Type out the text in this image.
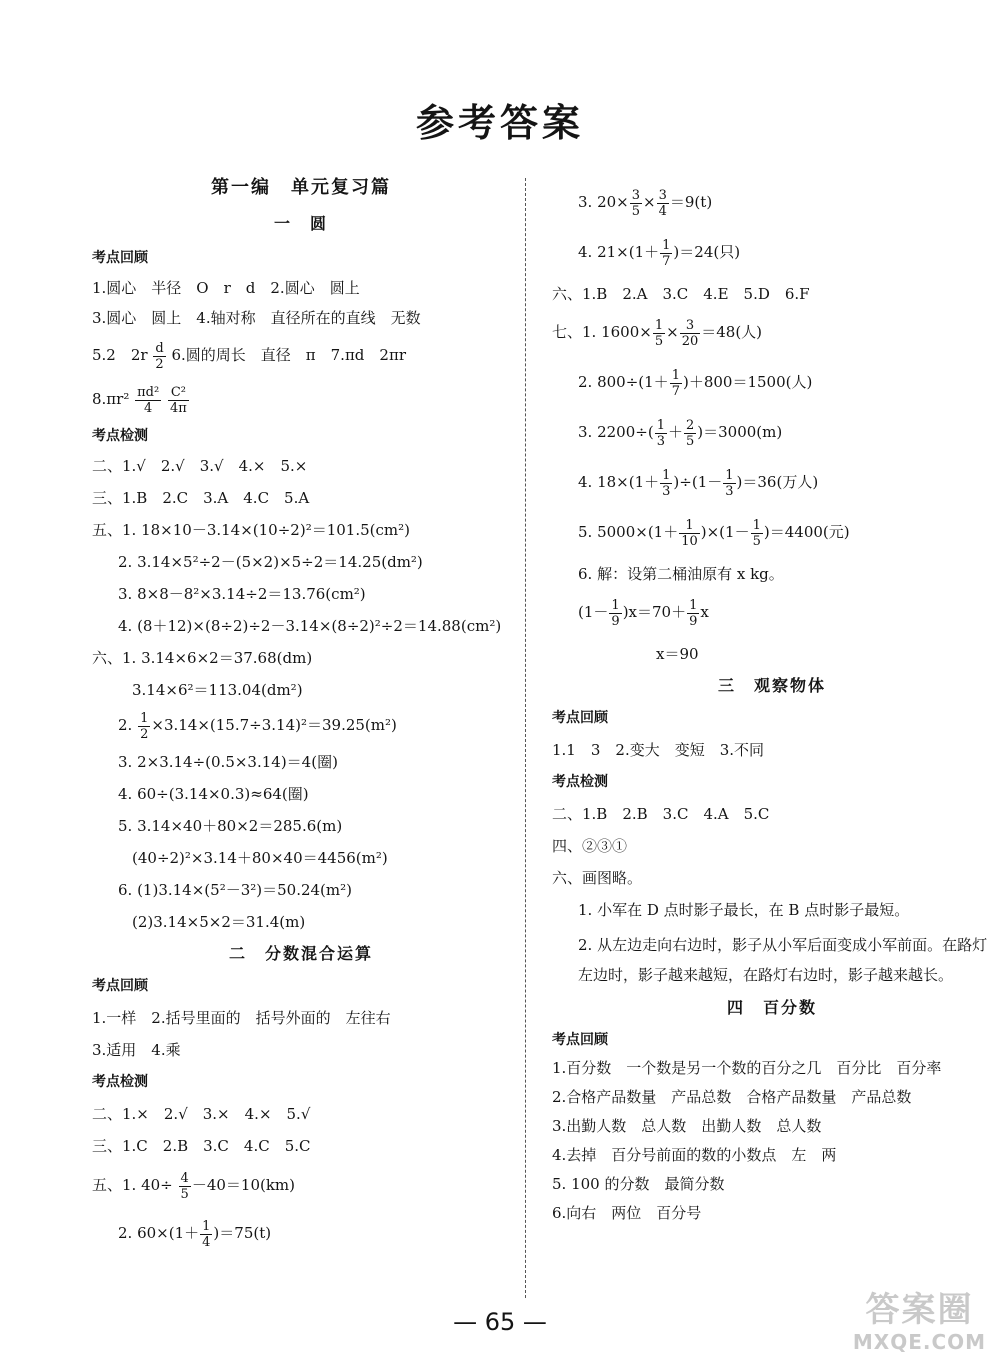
参考答案
第一编　单元复习篇
一　圆
考点回顾
1.圆心　半径　O　r　d　2.圆心　圆上
3.圆心　圆上　4.轴对称　直径所在的直线　无数
5.2　$2r \frac{d}{2} 6$.圆的周长　直径　π　7.πd　2πr
$8.\pi r^2 \frac{\text{πd²}}{4}$
$\frac{\text{C²}}{4\pi}$
考点检测
二、1.√　2.√　3.√　4.×　5.×
三、1.B　2.C　3.A　4.C　5.A
五、1. 18×10－3.14×(10÷2)²＝101.5(cm²)
2. 3.14×5²÷2－(5×2)×5÷2＝14.25(dm²)
3. 8×8－8²×3.14÷2＝13.76(cm²)
4. (8＋12)×(8÷2)÷2－3.14×(8÷2)²÷2＝14.88(cm²)
六、1. 3.14×6×2＝37.68(dm)
3.14×6²＝113.04(dm²)
2. $\frac{1}{2} \times 3.14\times(15.7\div 3.14)^2=39.25(m^2)$
3. 2×3.14÷(0.5×3.14)＝4(圈)
4. 60÷(3.14×0.3)≈64(圈)
5. 3.14×40＋80×2＝285.6(m)
(40÷2)²×3.14＋80×40＝4456(m²)
6. (1)3.14×(5²－3²)＝50.24(m²)
(2)3.14×5×2＝31.4(m)
二　分数混合运算
考点回顾
1.一样　2.括号里面的　括号外面的　左往右
3.适用　4.乘
考点检测
二、1.×　2.√　3.×　4.×　5.√
三、1.C　2.B　3.C　4.C　5.C
五、1. $40\div \frac{4}{5} -40=10(km)$
2. $60\times(1+ \frac{1}{4} )=75(t)$
3. $20\times \frac{3}{5} \times \frac{3}{4} =9(t)$
4. $21\times(1+ \frac{1}{7} )=24$(只)
六、1.B　2.A　3.C　4.E　5.D　6.F
七、1. $1600\times \frac{1}{5} \times \frac{3}{20} =48$(人)
2. $800\div(1+ \frac{1}{7} )+800=1500$(人)
3. $2200\div( \frac{1}{3} + \frac{2}{5} )=3000(m)$
4. $18\times(1+ \frac{1}{3} )\div(1- \frac{1}{3} )=36$(万人)
5. $5000\times(1+ \frac{1}{10} )\times(1- \frac{1}{5} )=4400$(元)
6. 解：设第二桶油原有 x kg。
$(1- \frac{1}{9} )x=70+ \frac{1}{9}$ x
x＝90
三　观察物体
考点回顾
1.1　3　2.变大　变短　3.不同
考点检测
二、1.B　2.B　3.C　4.A　5.C
四、②③①
六、画图略。
1. 小军在 D 点时影子最长，在 B 点时影子最短。
2. 从左边走向右边时，影子从小军后面变成小军前面。在路灯左边时，影子越来越短，在路灯右边时，影子越来越长。
四　百分数
考点回顾
1.百分数　一个数是另一个数的百分之几　百分比　百分率
2.合格产品数量　产品总数　合格产品数量　产品总数
3.出勤人数　总人数　出勤人数　总人数
4.去掉　百分号前面的数的小数点　左　两
5. 100 的分数　最简分数
6.向右　两位　百分号
— 65 —	答案圈
MXQE.COM
